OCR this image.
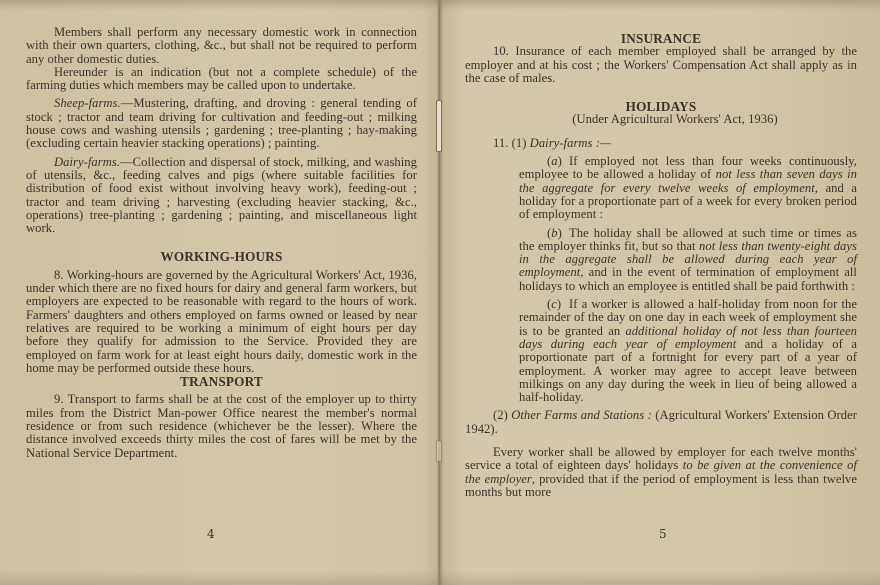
Members shall perform any necessary domestic work in connection with their own quarters, clothing, &c., but shall not be required to perform any other domestic duties.

Hereunder is an indication (but not a complete schedule) of the farming duties which members may be called upon to undertake.

Sheep-farms.—Mustering, drafting, and droving : general tending of stock ; tractor and team driving for cultivation and feeding-out ; milking house cows and washing utensils ; gardening ; tree-planting ; hay-making (excluding certain heavier stacking operations) ; painting.

Dairy-farms.—Collection and dispersal of stock, milking, and washing of utensils, &c., feeding calves and pigs (where suitable facilities for distribution of food exist without involving heavy work), feeding-out ; tractor and team driving ; harvesting (excluding heavier stacking, &c., operations) tree-planting ; gardening ; painting, and miscellaneous light work.

WORKING-HOURS

8. Working-hours are governed by the Agricultural Workers' Act, 1936, under which there are no fixed hours for dairy and general farm workers, but employers are expected to be reasonable with regard to the hours of work. Farmers' daughters and others employed on farms owned or leased by near relatives are required to be working a minimum of eight hours per day before they qualify for admission to the Service. Provided they are employed on farm work for at least eight hours daily, domestic work in the home may be performed outside these hours.

TRANSPORT

9. Transport to farms shall be at the cost of the employer up to thirty miles from the District Man-power Office nearest the member's normal residence or from such residence (whichever be the lesser). Where the distance involved exceeds thirty miles the cost of fares will be met by the National Service Department.

4
INSURANCE

10. Insurance of each member employed shall be arranged by the employer and at his cost ; the Workers' Compensation Act shall apply as in the case of males.

HOLIDAYS

(Under Agricultural Workers' Act, 1936)

11. (1) Dairy-farms :—

(a) If employed not less than four weeks continuously, employee to be allowed a holiday of not less than seven days in the aggregate for every twelve weeks of employment, and a holiday for a proportionate part of a week for every broken period of employment :

(b) The holiday shall be allowed at such time or times as the employer thinks fit, but so that not less than twenty-eight days in the aggregate shall be allowed during each year of employment, and in the event of termination of employment all holidays to which an employee is entitled shall be paid forthwith :

(c) If a worker is allowed a half-holiday from noon for the remainder of the day on one day in each week of employment she is to be granted an additional holiday of not less than fourteen days during each year of employment and a holiday of a proportionate part of a fortnight for every part of a year of employment. A worker may agree to accept leave between milkings on any day during the week in lieu of being allowed a half-holiday.

(2) Other Farms and Stations : (Agricultural Workers' Extension Order 1942).

Every worker shall be allowed by employer for each twelve months' service a total of eighteen days' holidays to be given at the convenience of the employer, provided that if the period of employment is less than twelve months but more

5
